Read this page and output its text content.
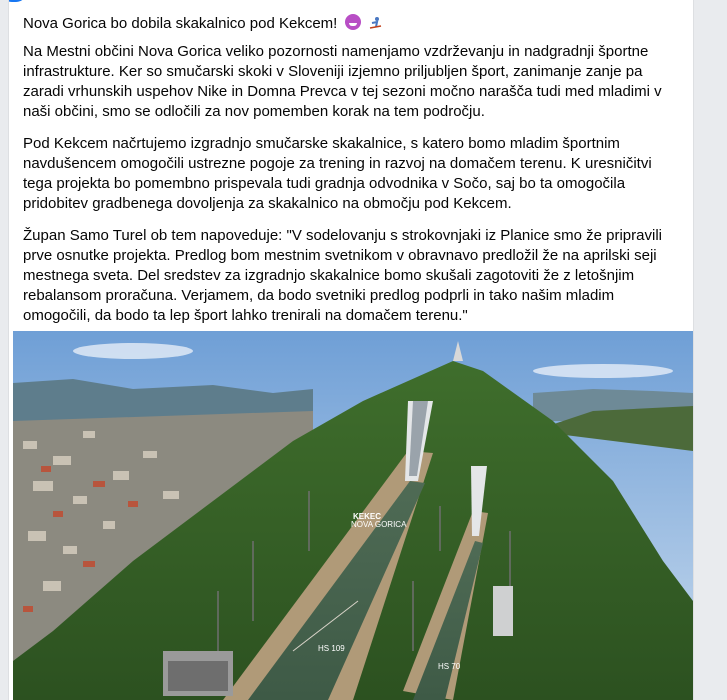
Nova Gorica bo dobila skakalnico pod Kekcem!

Na Mestni občini Nova Gorica veliko pozornosti namenjamo vzdrževanju in nadgradnji športne infrastrukture. Ker so smučarski skoki v Sloveniji izjemno priljubljen šport, zanimanje zanje pa zaradi vrhunskih uspehov Nike in Domna Prevca v tej sezoni močno narašča tudi med mladimi v naši občini, smo se odločili za nov pomemben korak na tem področju.

Pod Kekcem načrtujemo izgradnjo smučarske skakalnice, s katero bomo mladim športnim navdušencem omogočili ustrezne pogoje za trening in razvoj na domačem terenu. K uresničitvi tega projekta bo pomembno prispevala tudi gradnja odvodnika v Sočo, saj bo ta omogočila pridobitev gradbenega dovoljenja za skakalnico na območju pod Kekcem.

Župan Samo Turel ob tem napoveduje: "V sodelovanju s strokovnjaki iz Planice smo že pripravili prve osnutke projekta. Predlog bom mestnim svetnikom v obravnavo predložil že na aprilski seji mestnega sveta. Del sredstev za izgradnjo skakalnice bomo skušali zagotoviti že z letošnjim rebalansom proračuna. Verjamem, da bodo svetniki predlog podprli in tako našim mladim omogočili, da bodo ta lep šport lahko trenirali na domačem terenu."

KEKEC
NOVA GORICA
HS 109
HS 70
